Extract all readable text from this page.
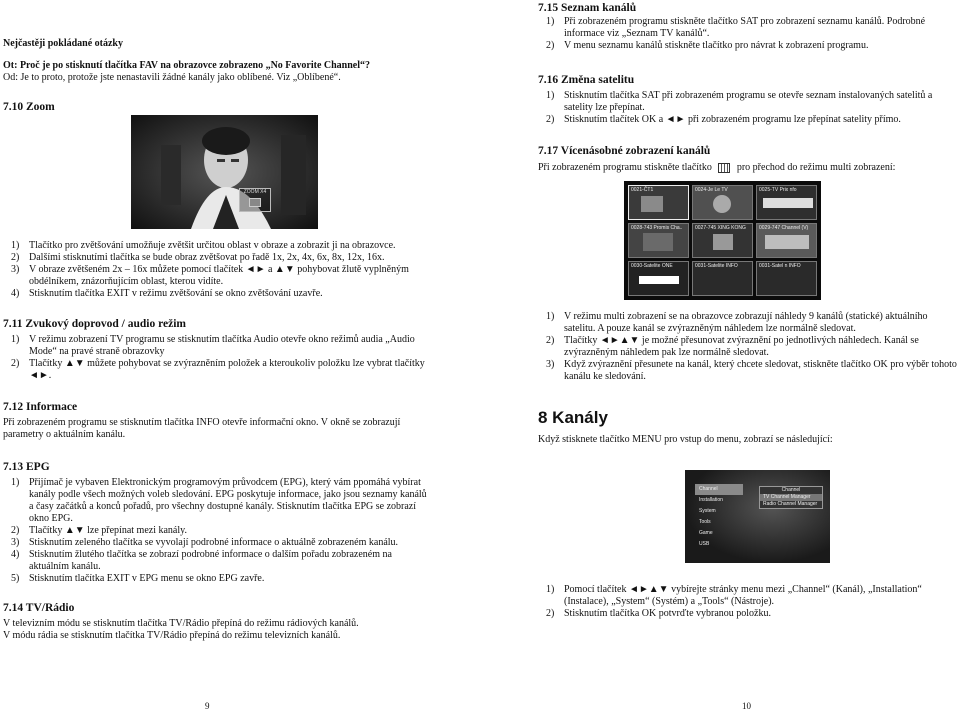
Nejčastěji pokládané otázky

Ot: Proč je po stisknutí tlačítka FAV na obrazovce zobrazeno „No Favorite Channel“?

Od: Je to proto, protože jste nenastavili žádné kanály jako oblíbené. Viz „Oblíbené“.

7.10 Zoom
ZOOM X4
1) Tlačítko pro zvětšování umožňuje zvětšit určitou oblast v obraze a zobrazit ji na obrazovce.
2) Dalšími stisknutími tlačítka se bude obraz zvětšovat po řadě 1x, 2x, 4x, 6x, 8x, 12x, 16x.
3) V obraze zvětšeném 2x – 16x můžete pomocí tlačítek ◄► a ▲▼ pohybovat žlutě vyplněným obdélníkem, znázorňujícím oblast, kterou vidíte.
4) Stisknutím tlačítka EXIT v režimu zvětšování se okno zvětšování uzavře.
7.11 Zvukový doprovod / audio režim
1) V režimu zobrazení TV programu se stisknutím tlačítka Audio otevře okno režimů audia „Audio Mode“ na pravé straně obrazovky
2) Tlačítky ▲▼ můžete pohybovat se zvýrazněním položek a kteroukoliv položku lze vybrat tlačítky ◄►.
7.12 Informace

Při zobrazeném programu se stisknutím tlačítka INFO otevře informační okno. V okně se zobrazují parametry o aktuálním kanálu.

7.13 EPG
1) Přijímač je vybaven Elektronickým programovým průvodcem (EPG), který vám ppomáhá vybírat kanály podle všech možných voleb sledování. EPG poskytuje informace, jako jsou seznamy kanálů a časy začátků a konců pořadů, pro všechny dostupné kanály. Stisknutím tlačítka EPG se zobrazí okno EPG.
2) Tlačítky ▲▼ lze přepínat mezi kanály.
3) Stisknutím zeleného tlačítka se vyvolají podrobné informace o aktuálně zobrazeném kanálu.
4) Stisknutím žlutého tlačítka se zobrazí podrobné informace o dalším pořadu zobrazeném na aktuálním kanálu.
5) Stisknutím tlačítka EXIT v EPG menu se okno EPG zavře.
7.14 TV/Rádio

V televizním módu se stisknutím tlačítka TV/Rádio přepíná do režimu rádiových kanálů.

V módu rádia se stisknutím tlačítka TV/Rádio přepíná do režimu televizních kanálů.

9
7.15 Seznam kanálů
1) Při zobrazeném programu stiskněte tlačítko SAT pro zobrazení seznamu kanálů. Podrobné informace viz „Seznam TV kanálů“.
2) V menu seznamu kanálů stiskněte tlačítko pro návrat k zobrazení programu.
7.16 Změna satelitu
1) Stisknutím tlačítka SAT při zobrazeném programu se otevře seznam instalovaných satelitů a satelity lze přepínat.
2) Stisknutím tlačítek OK a ◄► při zobrazeném programu lze přepínat satelity přímo.
7.17 Vícenásobné zobrazení kanálů

Při zobrazeném programu stiskněte tlačítko	pro přechod do režimu multi zobrazení:

0021-ČT1	0024-Je Le TV	0025-TV Prix nfo
0028-743 Promis Cha..	0027-745 XING KONG	0029-747 Channel (V)
0030-Satelite ONE	0031-Satelite INFO	0031-Satel n INFO
1) V režimu multi zobrazení se na obrazovce zobrazují náhledy 9 kanálů (statické) aktuálního satelitu. A pouze kanál se zvýrazněným náhledem lze normálně sledovat.
2) Tlačítky ◄►▲▼ je možné přesunovat zvýraznění po jednotlivých náhledech. Kanál se zvýrazněným náhledem pak lze normálně sledovat.
3) Když zvýraznění přesunete na kanál, který chcete sledovat, stiskněte tlačítko OK pro výběr tohoto kanálu ke sledování.
8 Kanály

Když stisknete tlačítko MENU pro vstup do menu, zobrazí se následující:

Channel
Installation
System
Tools
Game
USB
Channel
TV Channel Manager
Radio Channel Manager
1) Pomocí tlačítek ◄►▲▼ vybírejte stránky menu mezi „Channel“ (Kanál), „Installation“ (Instalace), „System“ (Systém) a „Tools“ (Nástroje).
2) Stisknutím tlačítka OK potvrďte vybranou položku.
10
